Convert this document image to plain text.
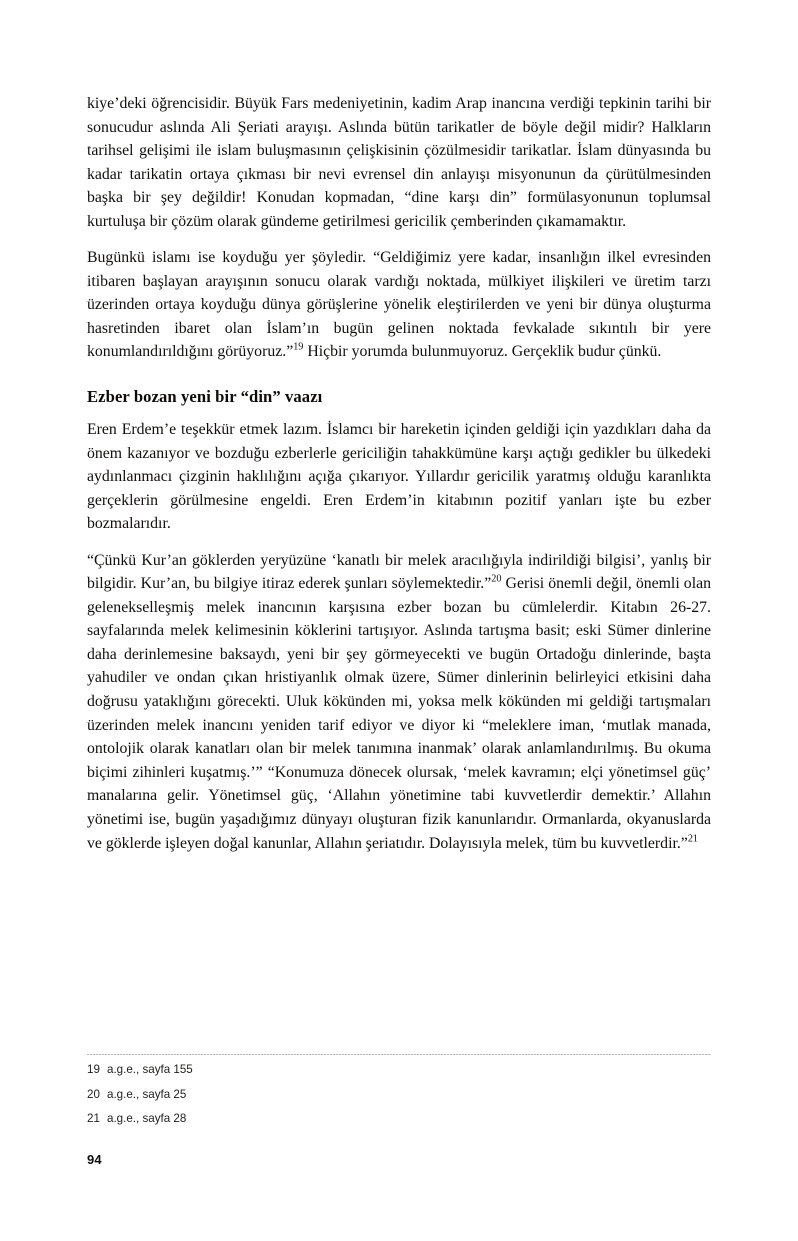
kiye’deki öğrencisidir. Büyük Fars medeniyetinin, kadim Arap inancına verdiği tepkinin tarihi bir sonucudur aslında Ali Şeriati arayışı. Aslında bütün tarikatler de böyle değil midir? Halkların tarihsel gelişimi ile islam buluşmasının çelişkisinin çözülmesidir tarikatlar. İslam dünyasında bu kadar tarikatin ortaya çıkması bir nevi evrensel din anlayışı misyonunun da çürütülmesinden başka bir şey değildir! Konudan kopmadan, “dine karşı din” formülasyonunun toplumsal kurtuluşa bir çözüm olarak gündeme getirilmesi gericilik çemberinden çıkamamaktır.

Bugünkü islamı ise koyduğu yer şöyledir. “Geldiğimiz yere kadar, insanlığın ilkel evresinden itibaren başlayan arayışının sonucu olarak vardığı noktada, mülkiyet ilişkileri ve üretim tarzı üzerinden ortaya koyduğu dünya görüşlerine yönelik eleştirilerden ve yeni bir dünya oluşturma hasretinden ibaret olan İslam’ın bugün gelinen noktada fevkalade sıkıntılı bir yere konumlandırıldığını görüyoruz.”$^{19}$ Hiçbir yorumda bulunmuyoruz. Gerçeklik budur çünkü.

Ezber bozan yeni bir “din” vaazı

Eren Erdem’e teşekkür etmek lazım. İslamcı bir hareketin içinden geldiği için yazdıkları daha da önem kazanıyor ve bozduğu ezberlerle gericiliğin tahakkümüne karşı açtığı gedikler bu ülkedeki aydınlanmacı çizginin haklılığını açığa çıkarıyor. Yıllardır gericilik yaratmış olduğu karanlıkta gerçeklerin görülmesine engeldi. Eren Erdem’in kitabının pozitif yanları işte bu ezber bozmalarıdır.

“Çünkü Kur’an göklerden yeryüzüne ‘kanatlı bir melek aracılığıyla indirildiği bilgisi’, yanlış bir bilgidir. Kur’an, bu bilgiye itiraz ederek şunları söylemektedir.”$^{20}$ Gerisi önemli değil, önemli olan gelenekselleşmiş melek inancının karşısına ezber bozan bu cümlelerdir. Kitabın 26-27. sayfalarında melek kelimesinin köklerini tartışıyor. Aslında tartışma basit; eski Sümer dinlerine daha derinlemesine baksaydı, yeni bir şey görmeyecekti ve bugün Ortadoğu dinlerinde, başta yahudiler ve ondan çıkan hristiyanlık olmak üzere, Sümer dinlerinin belirleyici etkisini daha doğrusu yataklığını görecekti. Uluk kökünden mi, yoksa melk kökünden mi geldiği tartışmaları üzerinden melek inancını yeniden tarif ediyor ve diyor ki “meleklere iman, ‘mutlak manada, ontolojik olarak kanatları olan bir melek tanımına inanmak’ olarak anlamlandırılmış. Bu okuma biçimi zihinleri kuşatmış.’” “Konumuza dönecek olursak, ‘melek kavramın; elçi yönetimsel güç’ manalarına gelir. Yönetimsel güç, ‘Allahın yönetimine tabi kuvvetlerdir demektir.’ Allahın yönetimi ise, bugün yaşadığımız dünyayı oluşturan fizik kanunlarıdır. Ormanlarda, okyanuslarda ve göklerde işleyen doğal kanunlar, Allahın şeriatıdır. Dolayısıyla melek, tüm bu kuvvetlerdir.”$^{21}$

19 a.g.e., sayfa 155
20 a.g.e., sayfa 25
21 a.g.e., sayfa 28
94
